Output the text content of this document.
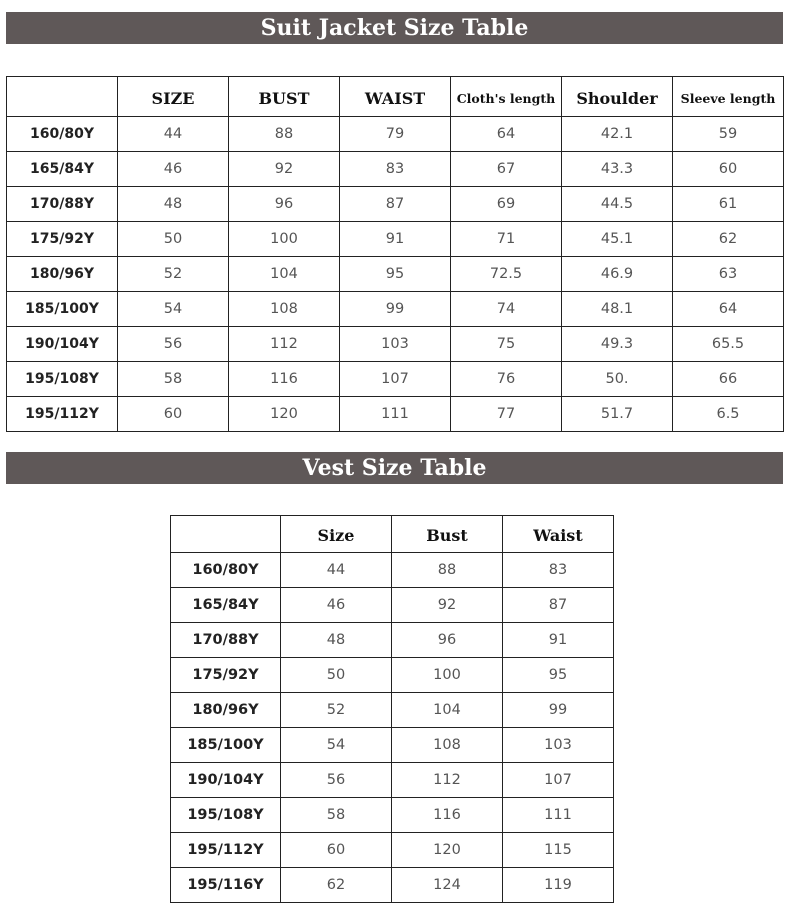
Suit Jacket Size Table
	SIZE	BUST	WAIST	Cloth's length	Shoulder	Sleeve length
160/80Y	44	88	79	64	42.1	59
165/84Y	46	92	83	67	43.3	60
170/88Y	48	96	87	69	44.5	61
175/92Y	50	100	91	71	45.1	62
180/96Y	52	104	95	72.5	46.9	63
185/100Y	54	108	99	74	48.1	64
190/104Y	56	112	103	75	49.3	65.5
195/108Y	58	116	107	76	50.	66
195/112Y	60	120	111	77	51.7	6.5
Vest Size Table
	Size	Bust	Waist
160/80Y	44	88	83
165/84Y	46	92	87
170/88Y	48	96	91
175/92Y	50	100	95
180/96Y	52	104	99
185/100Y	54	108	103
190/104Y	56	112	107
195/108Y	58	116	111
195/112Y	60	120	115
195/116Y	62	124	119
